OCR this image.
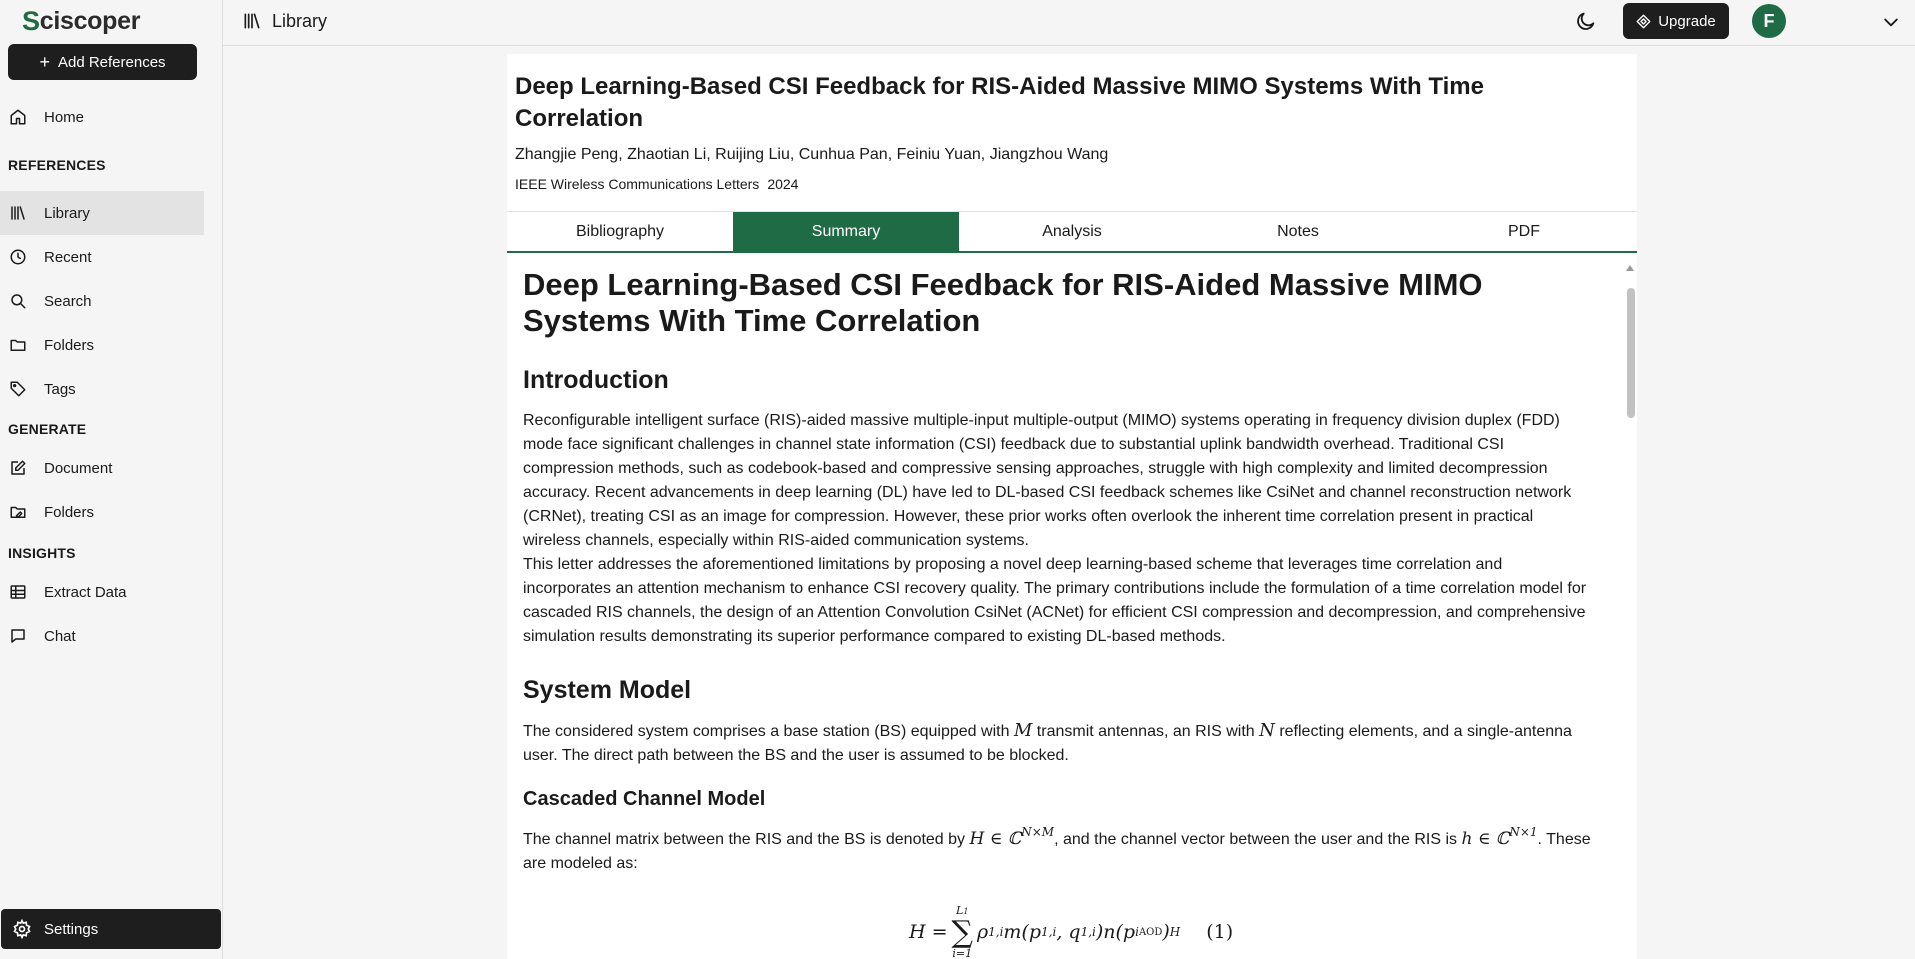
S ciscoper
+ Add References
Home
REFERENCES
Library
Recent
Search
Folders
Tags
GENERATE
Document
Folders
INSIGHTS
Extract Data
Chat
Settings
Library	Upgrade	F
Deep Learning-Based CSI Feedback for RIS-Aided Massive MIMO Systems With Time Correlation
Zhangjie Peng, Zhaotian Li, Ruijing Liu, Cunhua Pan, Feiniu Yuan, Jiangzhou Wang
IEEE Wireless Communications Letters 2024
Bibliography	Summary	Analysis	Notes	PDF
Deep Learning-Based CSI Feedback for RIS-Aided Massive MIMO Systems With Time Correlation
Introduction

Reconfigurable intelligent surface (RIS)-aided massive multiple-input multiple-output (MIMO) systems operating in frequency division duplex (FDD) mode face significant challenges in channel state information (CSI) feedback due to substantial uplink bandwidth overhead. Traditional CSI compression methods, such as codebook-based and compressive sensing approaches, struggle with high complexity and limited decompression accuracy. Recent advancements in deep learning (DL) have led to DL-based CSI feedback schemes like CsiNet and channel reconstruction network (CRNet), treating CSI as an image for compression. However, these prior works often overlook the inherent time correlation present in practical wireless channels, especially within RIS-aided communication systems.

This letter addresses the aforementioned limitations by proposing a novel deep learning-based scheme that leverages time correlation and incorporates an attention mechanism to enhance CSI recovery quality. The primary contributions include the formulation of a time correlation model for cascaded RIS channels, the design of an Attention Convolution CsiNet (ACNet) for efficient CSI compression and decompression, and comprehensive simulation results demonstrating its superior performance compared to existing DL-based methods.

System Model

The considered system comprises a base station (BS) equipped with M transmit antennas, an RIS with N reflecting elements, and a single-antenna user. The direct path between the BS and the user is assumed to be blocked.

Cascaded Channel Model

The channel matrix between the RIS and the BS is denoted by H ∈ ℂ$^{N\times M}$, and the channel vector between the user and the RIS is h ∈ ℂ$^{N\times 1}$. These are modeled as:

H =
L1
∑
i=1
ρ 1,i m(p 1,i , q 1,i )n(p i AOD ) H (1)
